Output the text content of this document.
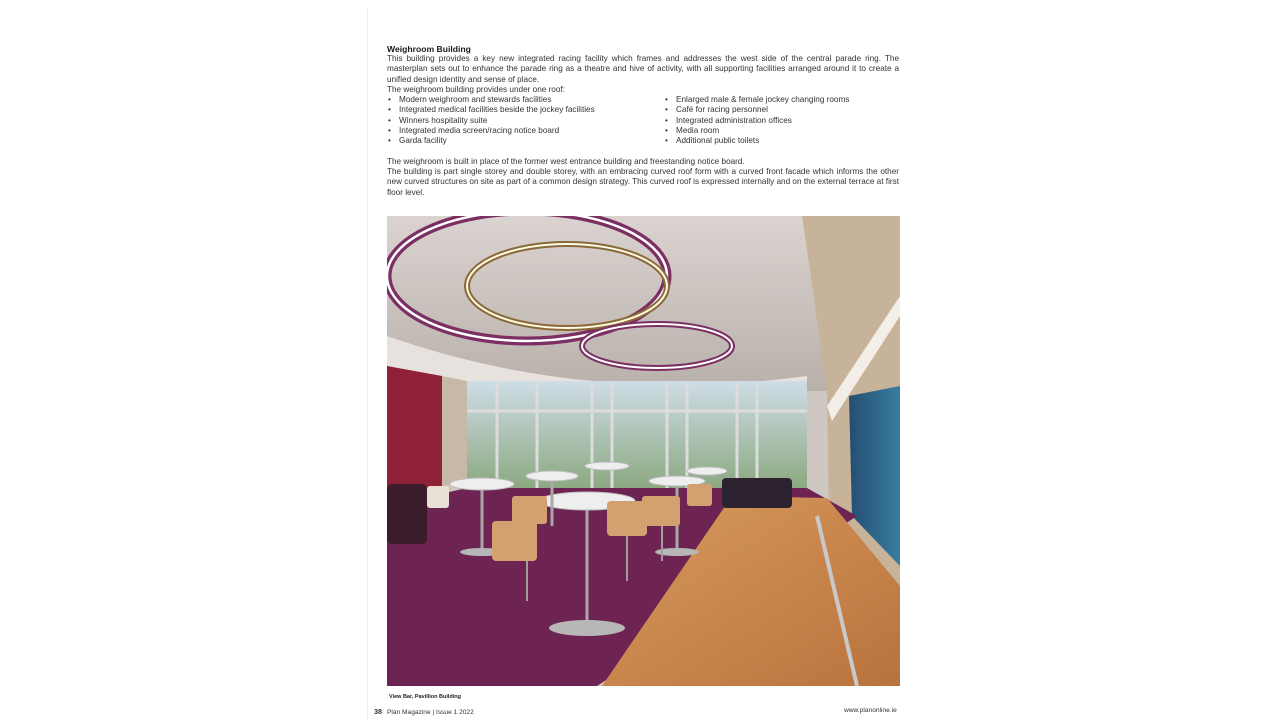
Weighroom Building
This building provides a key new integrated racing facility which frames and addresses the west side of the central parade ring. The masterplan sets out to enhance the parade ring as a theatre and hive of activity, with all supporting facilities arranged around it to create a unified design identity and sense of place.
The weighroom building provides under one roof:
• Modern weighroom and stewards facilities
• Integrated medical facilities beside the jockey facilities
• Winners hospitality suite
• Integrated media screen/racing notice board
• Garda facility
• Enlarged male & female jockey changing rooms
• Café for racing personnel
• Integrated administration offices
• Media room
• Additional public toilets
The weighroom is built in place of the former west entrance building and freestanding notice board.
The building is part single storey and double storey, with an embracing curved roof form with a curved front facade which informs the other new curved structures on site as part of a common design strategy. This curved roof is expressed internally and on the external terrace at first floor level.
View Bar, Pavillion Building
38 Plan Magazine | Issue 1 2022	www.planonline.ie
